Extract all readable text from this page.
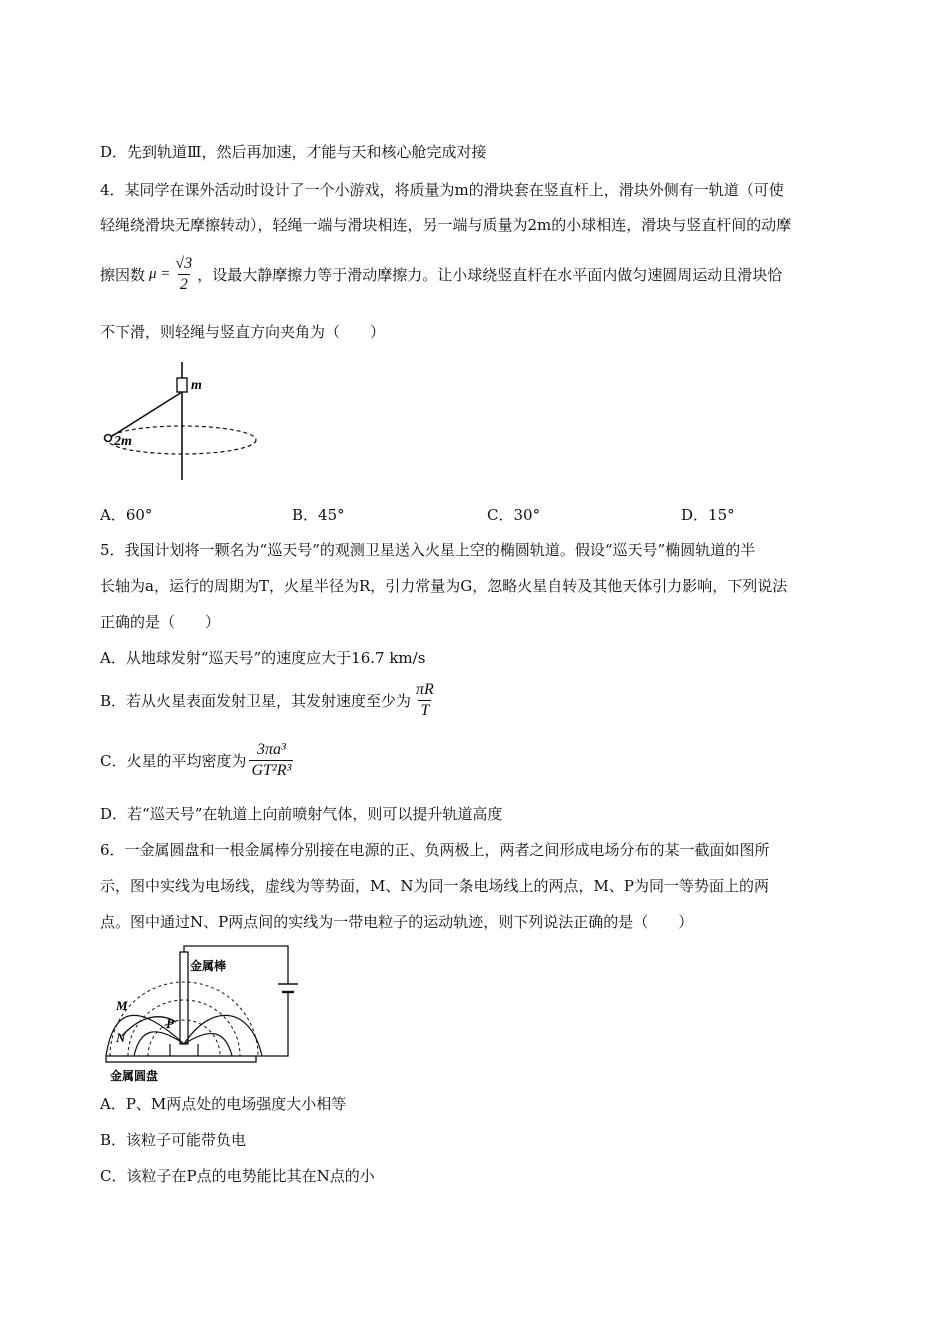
D．先到轨道Ⅲ，然后再加速，才能与天和核心舱完成对接
4．某同学在课外活动时设计了一个小游戏，将质量为m的滑块套在竖直杆上，滑块外侧有一轨道（可使
轻绳绕滑块无摩擦转动），轻绳一端与滑块相连，另一端与质量为2m的小球相连，滑块与竖直杆间的动摩
擦因数 $\mu = \frac{√3}{2}$ ，设最大静摩擦力等于滑动摩擦力。让小球绕竖直杆在水平面内做匀速圆周运动且滑块恰
不下滑，则轻绳与竖直方向夹角为（　　）
m
2m
A．60°	B．45°	C．30°	D．15°
5．我国计划将一颗名为“巡天号”的观测卫星送入火星上空的椭圆轨道。假设“巡天号”椭圆轨道的半
长轴为a，运行的周期为T，火星半径为R，引力常量为G，忽略火星自转及其他天体引力影响，下列说法
正确的是（　　）
A．从地球发射“巡天号”的速度应大于16.7 km/s
B．若从火星表面发射卫星，其发射速度至少为 $\frac{\pi R}{T}$
C．火星的平均密度为 $\frac{\text{3πa³}}{\text{GT²R³}}$
D．若“巡天号”在轨道上向前喷射气体，则可以提升轨道高度
6．一金属圆盘和一根金属棒分别接在电源的正、负两极上，两者之间形成电场分布的某一截面如图所
示，图中实线为电场线，虚线为等势面，M、N为同一条电场线上的两点，M、P为同一等势面上的两
点。图中通过N、P两点间的实线为一带电粒子的运动轨迹，则下列说法正确的是（　　）
金属棒
金属圆盘
M
N
P
A．P、M两点处的电场强度大小相等
B．该粒子可能带负电
C．该粒子在P点的电势能比其在N点的小
